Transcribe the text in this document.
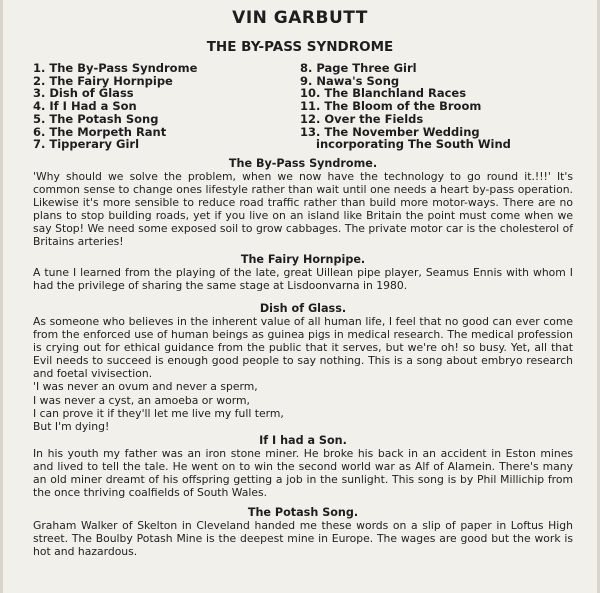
VIN GARBUTT
THE BY-PASS SYNDROME
1. The By-Pass Syndrome
2. The Fairy Hornpipe
3. Dish of Glass
4. If I Had a Son
5. The Potash Song
6. The Morpeth Rant
7. Tipperary Girl
8. Page Three Girl
9. Nawa's Song
10. The Blanchland Races
11. The Bloom of the Broom
12. Over the Fields
13. The November Wedding
incorporating The South Wind
The By-Pass Syndrome.

'Why should we solve the problem, when we now have the technology to go round it.!!!' It's common sense to change ones lifestyle rather than wait until one needs a heart by-pass operation. Likewise it's more sensible to reduce road traffic rather than build more motor-ways. There are no plans to stop building roads, yet if you live on an island like Britain the point must come when we say Stop! We need some exposed soil to grow cabbages. The private motor car is the cholesterol of Britains arteries!

The Fairy Hornpipe.

A tune I learned from the playing of the late, great Uillean pipe player, Seamus Ennis with whom I had the privilege of sharing the same stage at Lisdoonvarna in 1980.

Dish of Glass.

As someone who believes in the inherent value of all human life, I feel that no good can ever come from the enforced use of human beings as guinea pigs in medical research. The medical profession is crying out for ethical guidance from the public that it serves, but we're oh! so busy. Yet, all that Evil needs to succeed is enough good people to say nothing. This is a song about embryo research and foetal vivisection.

'I was never an ovum and never a sperm,
I was never a cyst, an amoeba or worm,
I can prove it if they'll let me live my full term,
But I'm dying!
If I had a Son.

In his youth my father was an iron stone miner. He broke his back in an accident in Eston mines and lived to tell the tale. He went on to win the second world war as Alf of Alamein. There's many an old miner dreamt of his offspring getting a job in the sunlight. This song is by Phil Millichip from the once thriving coalfields of South Wales.

The Potash Song.

Graham Walker of Skelton in Cleveland handed me these words on a slip of paper in Loftus High street. The Boulby Potash Mine is the deepest mine in Europe. The wages are good but the work is hot and hazardous.
